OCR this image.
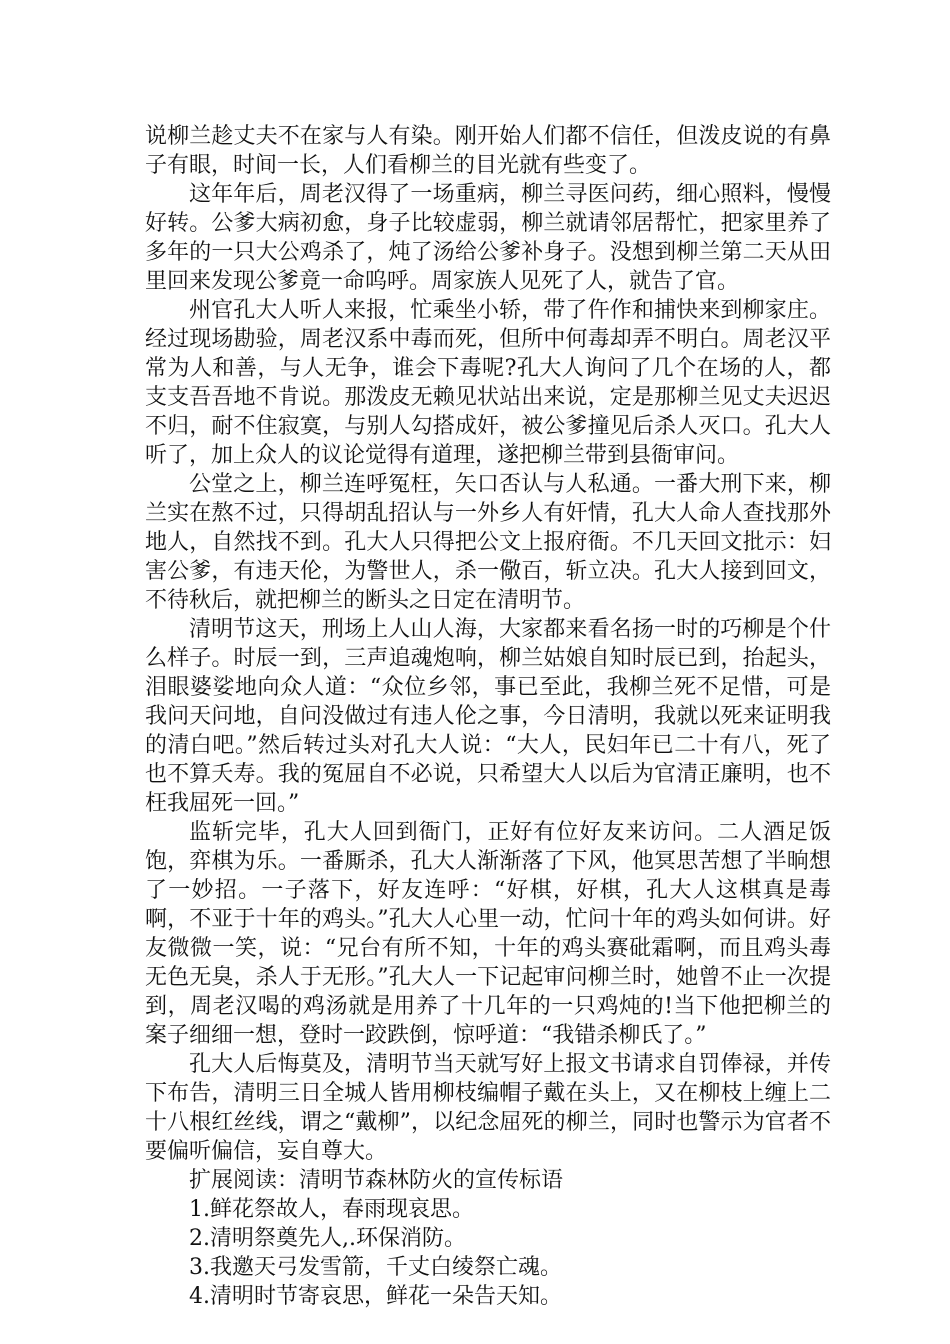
说柳兰趁丈夫不在家与人有染。刚开始人们都不信任，但泼皮说的有鼻子有眼，时间一长，人们看柳兰的目光就有些变了。

这年年后，周老汉得了一场重病，柳兰寻医问药，细心照料，慢慢好转。公爹大病初愈，身子比较虚弱，柳兰就请邻居帮忙，把家里养了多年的一只大公鸡杀了，炖了汤给公爹补身子。没想到柳兰第二天从田里回来发现公爹竟一命呜呼。周家族人见死了人，就告了官。

州官孔大人听人来报，忙乘坐小轿，带了仵作和捕快来到柳家庄。经过现场勘验，周老汉系中毒而死，但所中何毒却弄不明白。周老汉平常为人和善，与人无争，谁会下毒呢?孔大人询问了几个在场的人，都支支吾吾地不肯说。那泼皮无赖见状站出来说，定是那柳兰见丈夫迟迟不归，耐不住寂寞，与别人勾搭成奸，被公爹撞见后杀人灭口。孔大人听了，加上众人的议论觉得有道理，遂把柳兰带到县衙审问。

公堂之上，柳兰连呼冤枉，矢口否认与人私通。一番大刑下来，柳兰实在熬不过，只得胡乱招认与一外乡人有奸情，孔大人命人查找那外地人，自然找不到。孔大人只得把公文上报府衙。不几天回文批示：妇害公爹，有违天伦，为警世人，杀一儆百，斩立决。孔大人接到回文，不待秋后，就把柳兰的断头之日定在清明节。

清明节这天，刑场上人山人海，大家都来看名扬一时的巧柳是个什么样子。时辰一到，三声追魂炮响，柳兰姑娘自知时辰已到，抬起头，泪眼婆娑地向众人道：“众位乡邻，事已至此，我柳兰死不足惜，可是我问天问地，自问没做过有违人伦之事，今日清明，我就以死来证明我的清白吧。”然后转过头对孔大人说：“大人，民妇年已二十有八，死了也不算夭寿。我的冤屈自不必说，只希望大人以后为官清正廉明，也不枉我屈死一回。”

监斩完毕，孔大人回到衙门，正好有位好友来访问。二人酒足饭饱，弈棋为乐。一番厮杀，孔大人渐渐落了下风，他冥思苦想了半晌想了一妙招。一子落下，好友连呼：“好棋，好棋，孔大人这棋真是毒啊，不亚于十年的鸡头。”孔大人心里一动，忙问十年的鸡头如何讲。好友微微一笑，说：“兄台有所不知，十年的鸡头赛砒霜啊，而且鸡头毒无色无臭，杀人于无形。”孔大人一下记起审问柳兰时，她曾不止一次提到，周老汉喝的鸡汤就是用养了十几年的一只鸡炖的!当下他把柳兰的案子细细一想，登时一跤跌倒，惊呼道：“我错杀柳氏了。”

孔大人后悔莫及，清明节当天就写好上报文书请求自罚俸禄，并传下布告，清明三日全城人皆用柳枝编帽子戴在头上，又在柳枝上缠上二十八根红丝线，谓之“戴柳”，以纪念屈死的柳兰，同时也警示为官者不要偏听偏信，妄自尊大。

扩展阅读：清明节森林防火的宣传标语

1.鲜花祭故人，春雨现哀思。

2.清明祭奠先人,.环保消防。

3.我邀天弓发雪箭，千丈白绫祭亡魂。

4.清明时节寄哀思，鲜花一朵告天知。
